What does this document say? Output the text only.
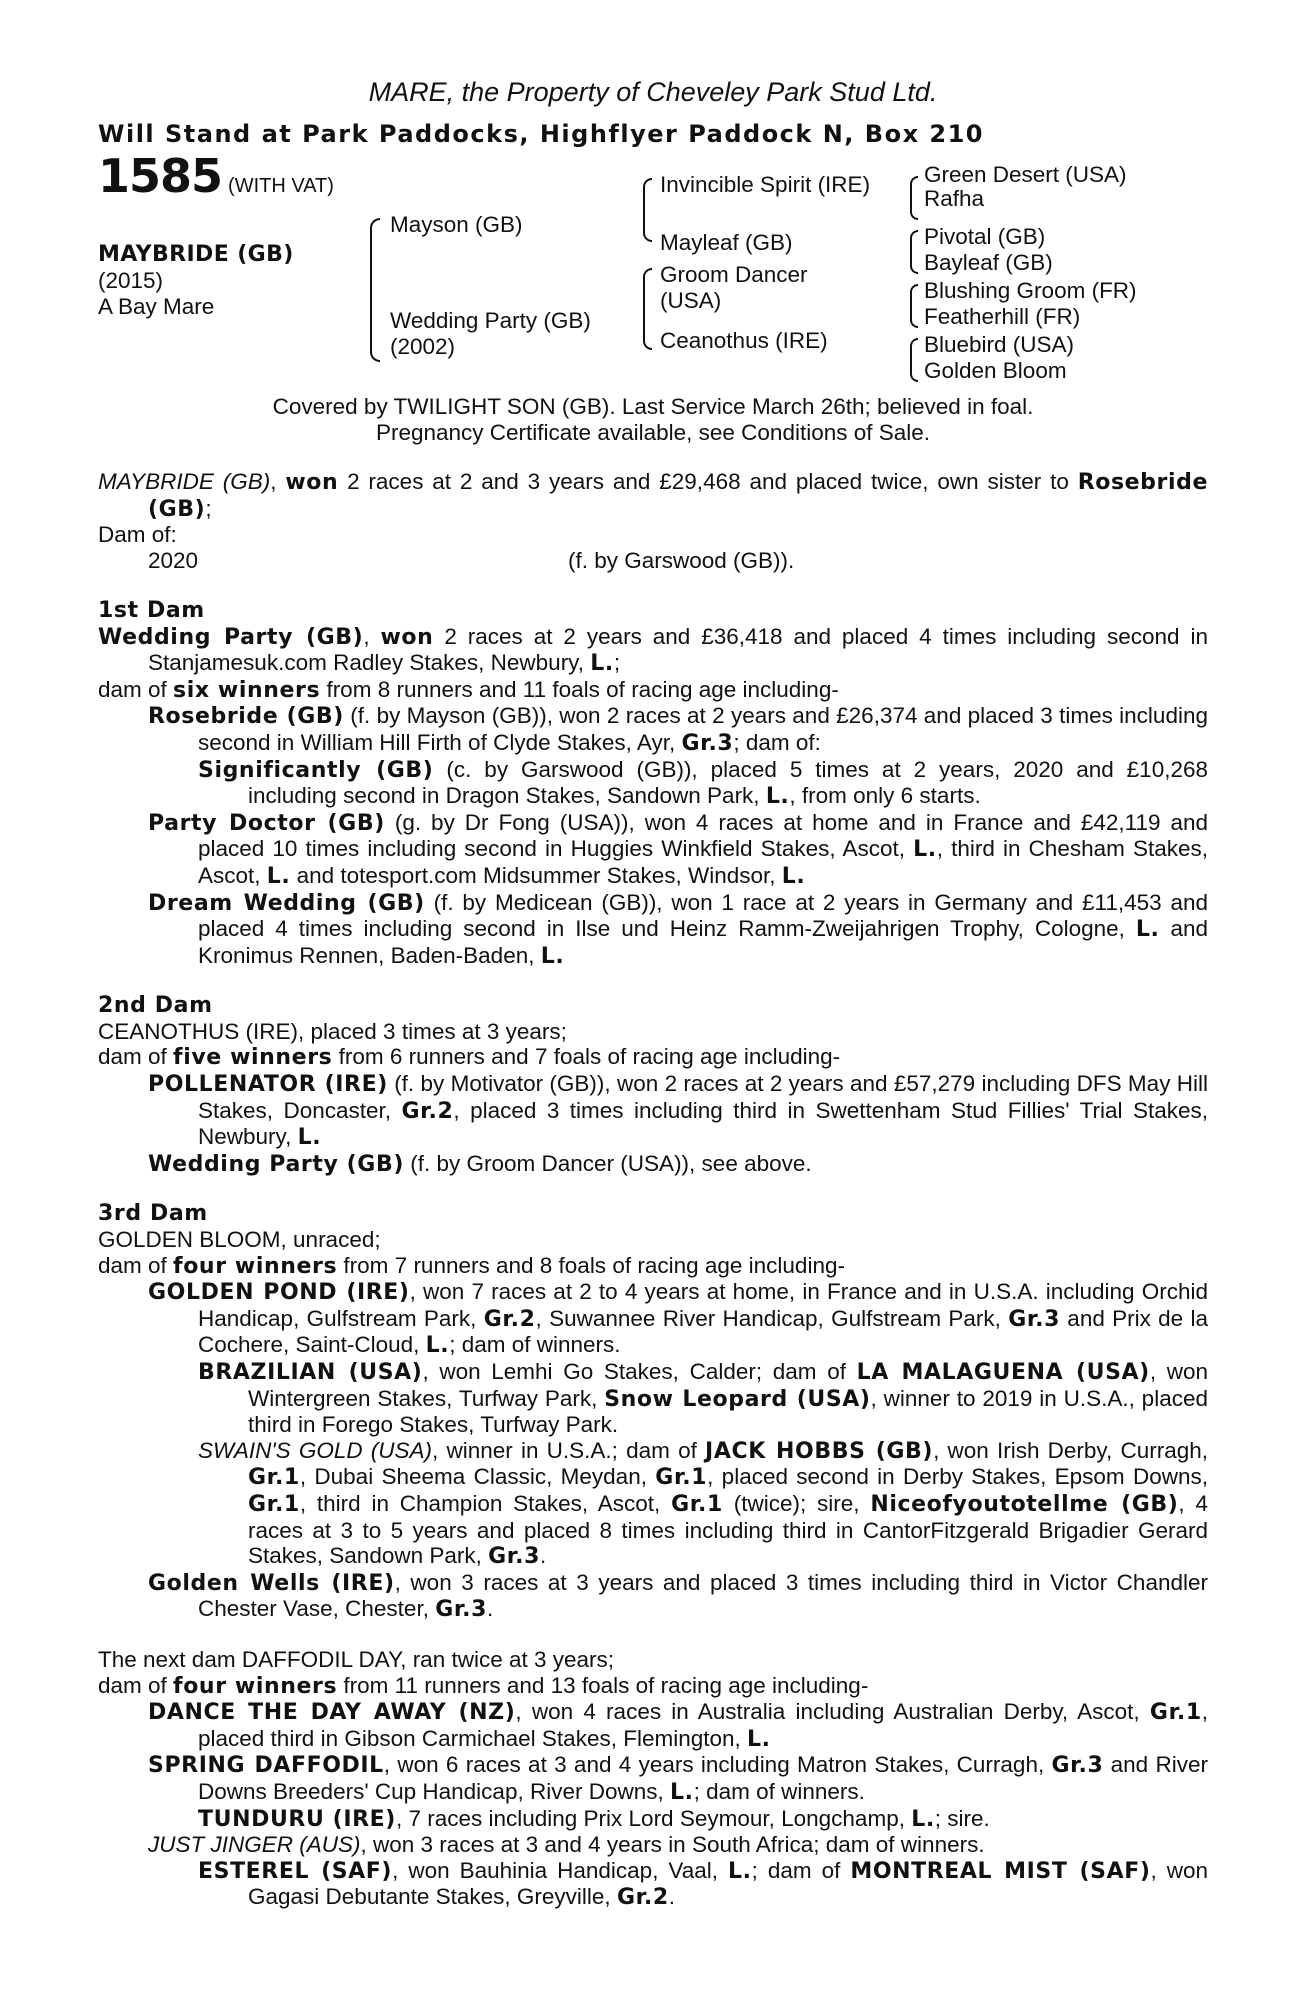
MARE, the Property of Cheveley Park Stud Ltd.
Will Stand at Park Paddocks, Highflyer Paddock N, Box 210
1585 (WITH VAT)
MAYBRIDE (GB)
(2015)
A Bay Mare
Mayson (GB)
Wedding Party (GB)
(2002)
Invincible Spirit (IRE)
Mayleaf (GB)
Groom Dancer
(USA)
Ceanothus (IRE)
Green Desert (USA)
Rafha
Pivotal (GB)
Bayleaf (GB)
Blushing Groom (FR)
Featherhill (FR)
Bluebird (USA)
Golden Bloom
Covered by TWILIGHT SON (GB). Last Service March 26th; believed in foal.
Pregnancy Certificate available, see Conditions of Sale.

MAYBRIDE (GB), won 2 races at 2 and 3 years and £29,468 and placed twice, own sister to Rosebride (GB);

Dam of:
2020	(f. by Garswood (GB)).
1st Dam

Wedding Party (GB), won 2 races at 2 years and £36,418 and placed 4 times including second in Stanjamesuk.com Radley Stakes, Newbury, L.;

dam of six winners from 8 runners and 11 foals of racing age including-

Rosebride (GB) (f. by Mayson (GB)), won 2 races at 2 years and £26,374 and placed 3 times including second in William Hill Firth of Clyde Stakes, Ayr, Gr.3; dam of:

Significantly (GB) (c. by Garswood (GB)), placed 5 times at 2 years, 2020 and £10,268 including second in Dragon Stakes, Sandown Park, L., from only 6 starts.

Party Doctor (GB) (g. by Dr Fong (USA)), won 4 races at home and in France and £42,119 and placed 10 times including second in Huggies Winkfield Stakes, Ascot, L., third in Chesham Stakes, Ascot, L. and totesport.com Midsummer Stakes, Windsor, L.

Dream Wedding (GB) (f. by Medicean (GB)), won 1 race at 2 years in Germany and £11,453 and placed 4 times including second in Ilse und Heinz Ramm-Zweijahrigen Trophy, Cologne, L. and Kronimus Rennen, Baden-Baden, L.

2nd Dam
CEANOTHUS (IRE), placed 3 times at 3 years;

dam of five winners from 6 runners and 7 foals of racing age including-

POLLENATOR (IRE) (f. by Motivator (GB)), won 2 races at 2 years and £57,279 including DFS May Hill Stakes, Doncaster, Gr.2, placed 3 times including third in Swettenham Stud Fillies' Trial Stakes, Newbury, L.

Wedding Party (GB) (f. by Groom Dancer (USA)), see above.

3rd Dam
GOLDEN BLOOM, unraced;

dam of four winners from 7 runners and 8 foals of racing age including-

GOLDEN POND (IRE), won 7 races at 2 to 4 years at home, in France and in U.S.A. including Orchid Handicap, Gulfstream Park, Gr.2, Suwannee River Handicap, Gulfstream Park, Gr.3 and Prix de la Cochere, Saint-Cloud, L.; dam of winners.

BRAZILIAN (USA), won Lemhi Go Stakes, Calder; dam of LA MALAGUENA (USA), won Wintergreen Stakes, Turfway Park, Snow Leopard (USA), winner to 2019 in U.S.A., placed third in Forego Stakes, Turfway Park.

SWAIN'S GOLD (USA), winner in U.S.A.; dam of JACK HOBBS (GB), won Irish Derby, Curragh, Gr.1, Dubai Sheema Classic, Meydan, Gr.1, placed second in Derby Stakes, Epsom Downs, Gr.1, third in Champion Stakes, Ascot, Gr.1 (twice); sire, Niceofyoutotellme (GB), 4 races at 3 to 5 years and placed 8 times including third in CantorFitzgerald Brigadier Gerard Stakes, Sandown Park, Gr.3.

Golden Wells (IRE), won 3 races at 3 years and placed 3 times including third in Victor Chandler Chester Vase, Chester, Gr.3.

The next dam DAFFODIL DAY, ran twice at 3 years;

dam of four winners from 11 runners and 13 foals of racing age including-

DANCE THE DAY AWAY (NZ), won 4 races in Australia including Australian Derby, Ascot, Gr.1, placed third in Gibson Carmichael Stakes, Flemington, L.

SPRING DAFFODIL, won 6 races at 3 and 4 years including Matron Stakes, Curragh, Gr.3 and River Downs Breeders' Cup Handicap, River Downs, L.; dam of winners.

TUNDURU (IRE), 7 races including Prix Lord Seymour, Longchamp, L.; sire.

JUST JINGER (AUS), won 3 races at 3 and 4 years in South Africa; dam of winners.

ESTEREL (SAF), won Bauhinia Handicap, Vaal, L.; dam of MONTREAL MIST (SAF), won Gagasi Debutante Stakes, Greyville, Gr.2.
